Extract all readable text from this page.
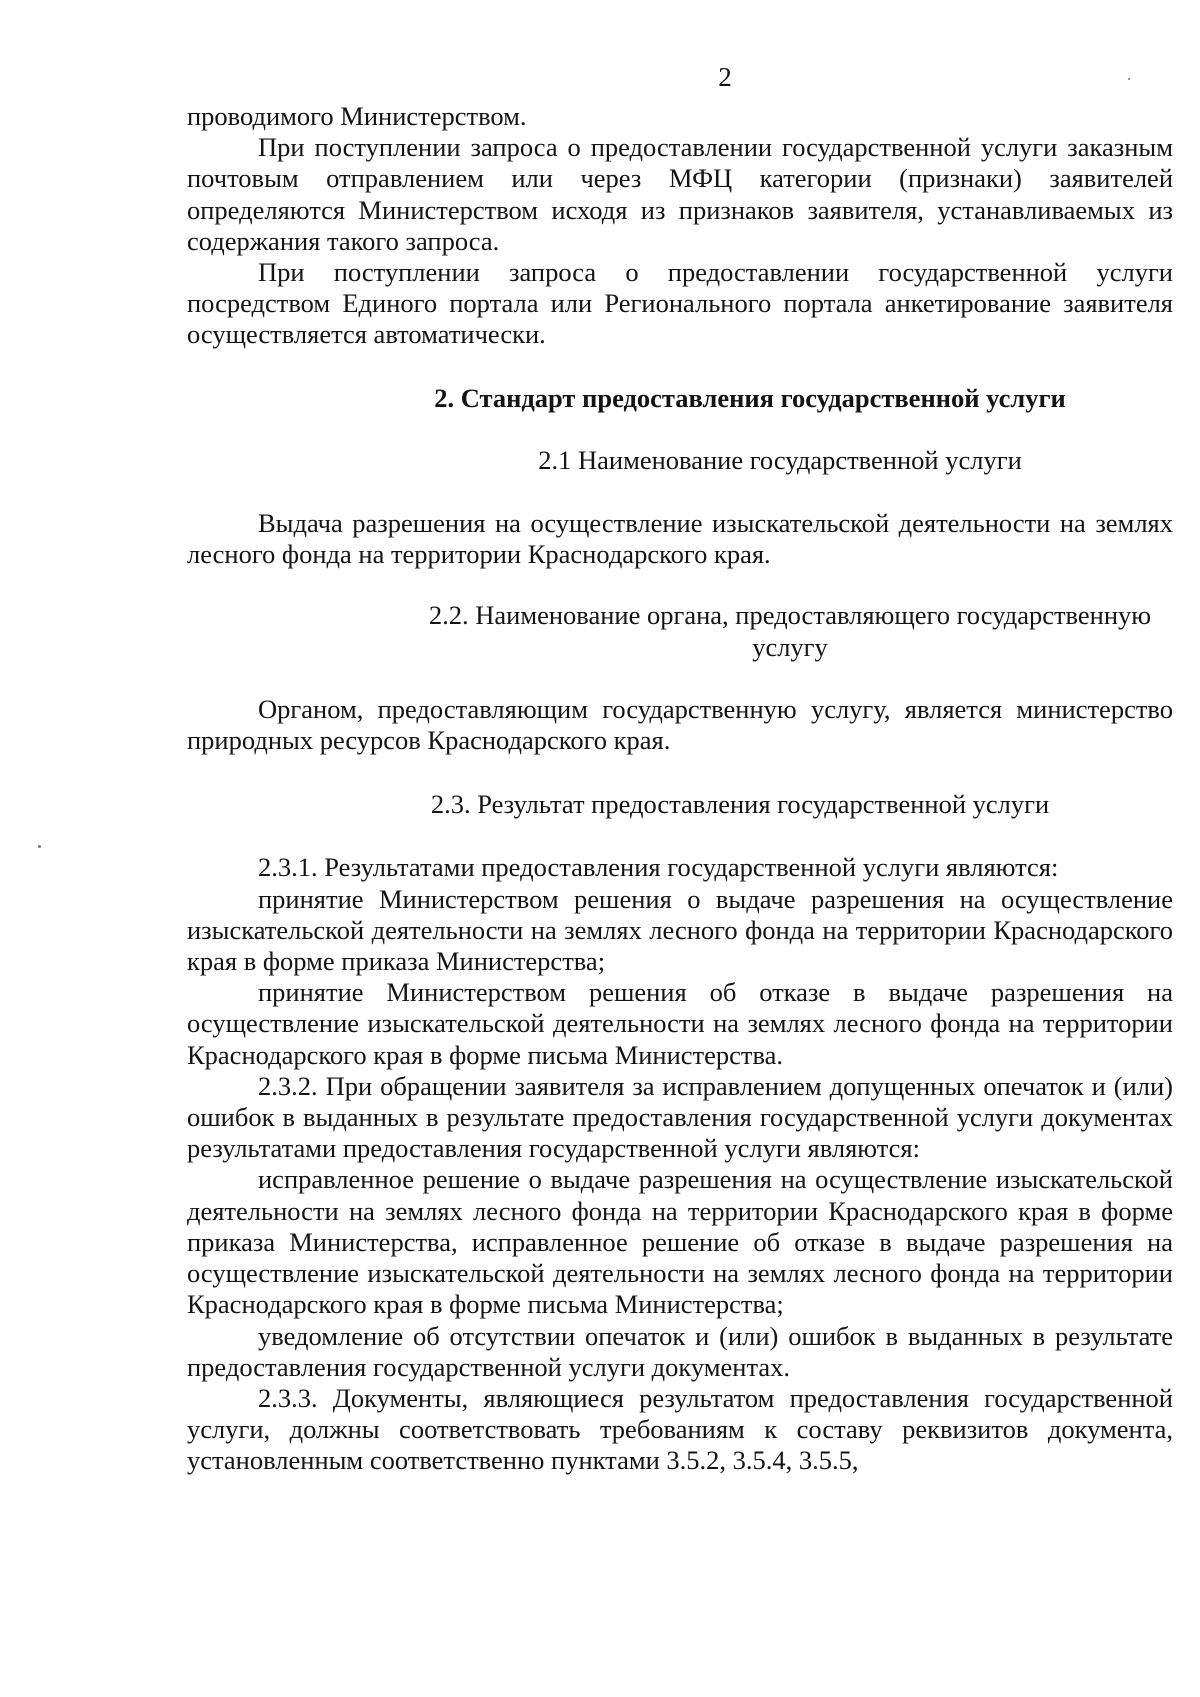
2

проводимого Министерством.

При поступлении запроса о предоставлении государственной услуги заказным почтовым отправлением или через МФЦ категории (признаки) заявителей определяются Министерством исходя из признаков заявителя, устанавливаемых из содержания такого запроса.

При поступлении запроса о предоставлении государственной услуги посредством Единого портала или Регионального портала анкетирование заявителя осуществляется автоматически.

2. Стандарт предоставления государственной услуги

2.1 Наименование государственной услуги

Выдача разрешения на осуществление изыскательской деятельности на землях лесного фонда на территории Краснодарского края.

2.2. Наименование органа, предоставляющего государственную услугу

Органом, предоставляющим государственную услугу, является министерство природных ресурсов Краснодарского края.

2.3. Результат предоставления государственной услуги

2.3.1. Результатами предоставления государственной услуги являются:

принятие Министерством решения о выдаче разрешения на осуществление изыскательской деятельности на землях лесного фонда на территории Краснодарского края в форме приказа Министерства;

принятие Министерством решения об отказе в выдаче разрешения на осуществление изыскательской деятельности на землях лесного фонда на территории Краснодарского края в форме письма Министерства.

2.3.2. При обращении заявителя за исправлением допущенных опечаток и (или) ошибок в выданных в результате предоставления государственной услуги документах результатами предоставления государственной услуги являются:

исправленное решение о выдаче разрешения на осуществление изыскательской деятельности на землях лесного фонда на территории Краснодарского края в форме приказа Министерства, исправленное решение об отказе в выдаче разрешения на осуществление изыскательской деятельности на землях лесного фонда на территории Краснодарского края в форме письма Министерства;

уведомление об отсутствии опечаток и (или) ошибок в выданных в результате предоставления государственной услуги документах.

2.3.3. Документы, являющиеся результатом предоставления государственной услуги, должны соответствовать требованиям к составу реквизитов документа, установленным соответственно пунктами 3.5.2, 3.5.4, 3.5.5,
